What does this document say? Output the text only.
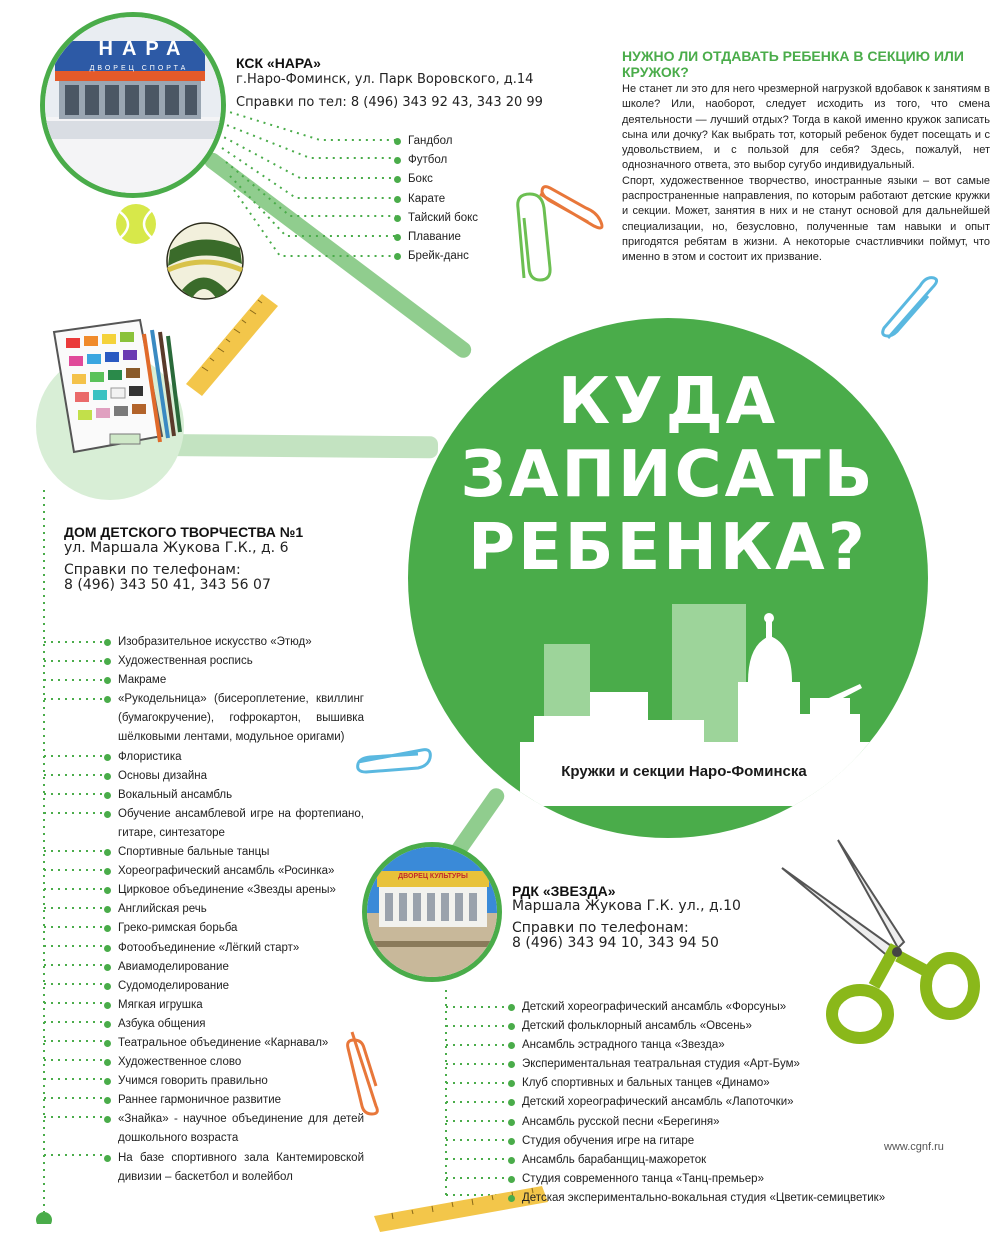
НАРА
ДВОРЕЦ СПОРТА	КСК «НАРА»
г.Наро-Фоминск, ул. Парк Воровского, д.14
Справки по тел: 8 (496) 343 92 43, 343 20 99
Гандбол
Футбол
Бокс
Карате
Тайский бокс
Плавание
Брейк-данс
НУЖНО ЛИ ОТДАВАТЬ РЕБЕНКА В СЕКЦИЮ ИЛИ КРУЖОК?

Не станет ли это для него чрезмерной нагрузкой вдобавок к занятиям в школе? Или, наоборот, следует исходить из того, что смена деятельности — лучший отдых? Тогда в какой именно кружок записать сына или дочку? Как выбрать тот, который ребенок будет посещать и с удовольствием, и с пользой для себя? Здесь, пожалуй, нет однозначного ответа, это выбор сугубо индивидуальный.

Спорт, художественное творчество, иностранные языки – вот самые распространенные направления, по которым работают детские кружки и секции. Может, занятия в них и не станут основой для дальнейшей специализации, но, безусловно, полученные там навыки и опыт пригодятся ребятам в жизни. А некоторые счастливчики поймут, что именно в этом и состоит их призвание.

КУДА
ЗАПИСАТЬ
РЕБЕНКА?
Кружки и секции Наро-Фоминска
ДОМ ДЕТСКОГО ТВОРЧЕСТВА №1
ул. Маршала Жукова Г.К., д. 6
Справки по телефонам:
8 (496) 343 50 41, 343 56 07
Изобразительное искусство «Этюд»
Художественная роспись
Макраме
«Рукодельница» (бисероплетение, квиллинг (бумагокручение), гофрокартон, вышивка шёлковыми лентами, модульное оригами)
Флористика
Основы дизайна
Вокальный ансамбль
Обучение ансамблевой игре на фортепиано, гитаре, синтезаторе
Спортивные бальные танцы
Хореографический ансамбль «Росинка»
Цирковое объединение «Звезды арены»
Английская речь
Греко-римская борьба
Фотообъединение «Лёгкий старт»
Авиамоделирование
Судомоделирование
Мягкая игрушка
Азбука общения
Театральное объединение «Карнавал»
Художественное слово
Учимся говорить правильно
Раннее гармоничное развитие
«Знайка» - научное объединение для детей дошкольного возраста
На базе спортивного зала Кантемировской дивизии – баскетбол и волейбол
ДВОРЕЦ КУЛЬТУРЫ
РДК «ЗВЕЗДА»
Маршала Жукова Г.К. ул., д.10
Справки по телефонам:
8 (496) 343 94 10, 343 94 50
Детский хореографический ансамбль «Форсуны»
Детский фольклорный ансамбль «Овсень»
Ансамбль эстрадного танца «Звезда»
Экспериментальная театральная студия «Арт-Бум»
Клуб спортивных и бальных танцев «Динамо»
Детский хореографический ансамбль «Лапоточки»
Ансамбль русской песни «Берегиня»
Студия обучения игре на гитаре
Ансамбль барабанщиц-мажореток
Студия современного танца «Танц-премьер»
Детская экспериментально-вокальная студия «Цветик-семицветик»
www.cgnf.ru
